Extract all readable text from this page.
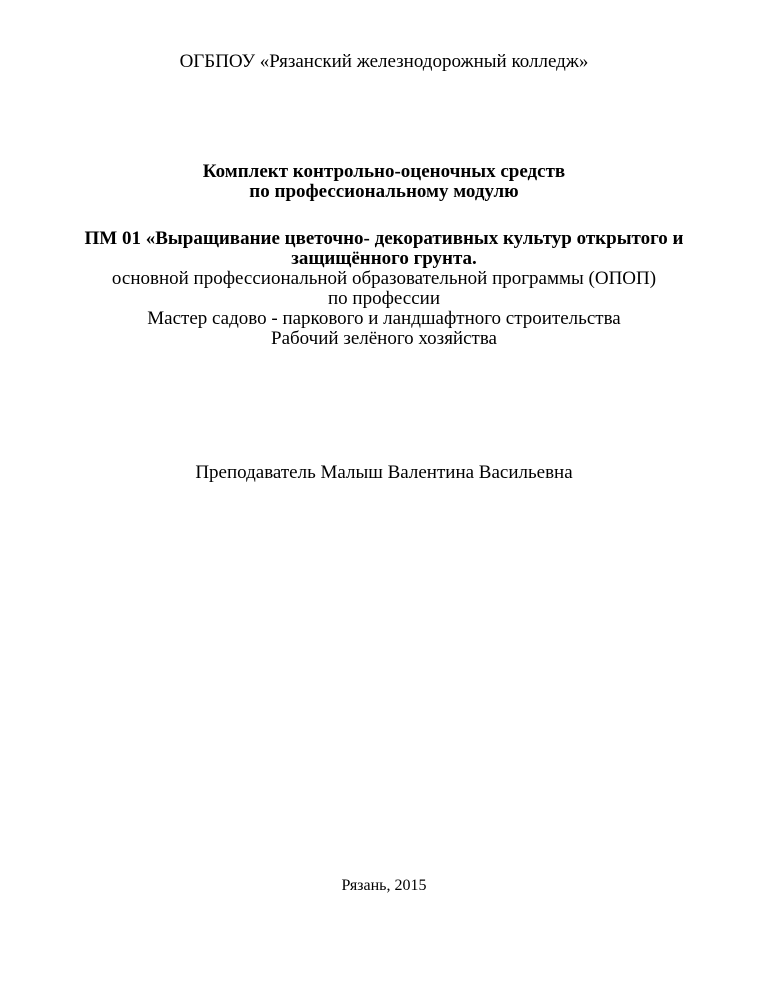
ОГБПОУ «Рязанский железнодорожный колледж»
Комплект контрольно-оценочных средств
по профессиональному модулю
ПМ 01 «Выращивание цветочно- декоративных культур открытого и
защищённого грунта.
основной профессиональной образовательной программы (ОПОП)
по профессии
Мастер садово - паркового и ландшафтного строительства
Рабочий зелёного хозяйства
Преподаватель Малыш Валентина Васильевна
Рязань, 2015
